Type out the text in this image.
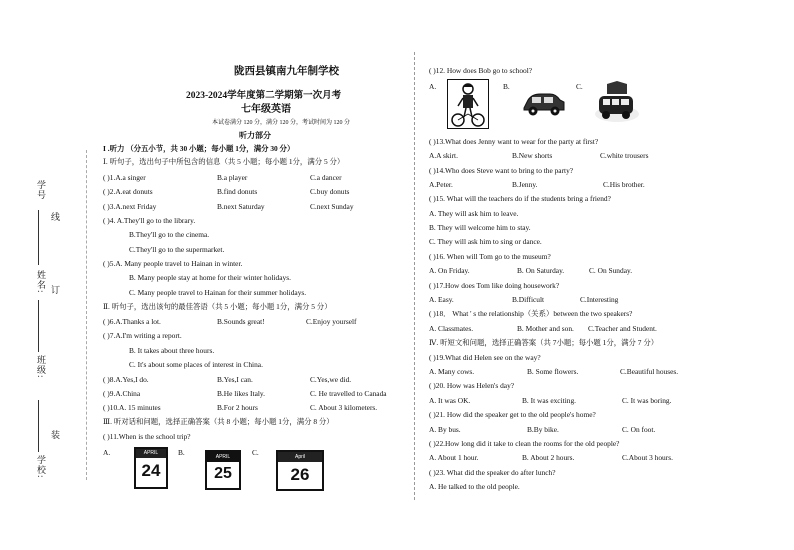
学校:
班级:
姓名:
学号
装
订
线
陇西县镇南九年制学校
2023-2024学年度第二学期第一次月考
七年级英语
本试卷满分 120 分，满分 120 分，考试时间为 120 分
听力部分
I .听力 （分五小节，共 30 小题；每小题 1分，满分 30 分）
Ⅰ. 听句子，选出句子中所包含的信息（共 5 小题；每小题 1分，满分 5 分）
( )1.A.a singer	B.a player	C.a dancer
( )2.A.eat donuts	B.find donuts	C.buy donuts
( )3.A.next Friday	B.next Saturday	C.next Sunday
( )4. A.They'll go to the library.
B.They'll go to the cinema.
C.They'll go to the supermarket.
( )5.A. Many people travel to Hainan in winter.
B. Many people stay at home for their winter holidays.
C. Many people travel to Hainan for their summer holidays.
Ⅱ. 听句子，选出该句的最佳答语（共 5 小题；每小题 1分，满分 5 分）
( )6.A.Thanks a lot.	B.Sounds great!	C.Enjoy yourself
( )7.A.I'm writing a report.
B. It takes about three hours.
C. It's about some places of interest in China.
( )8.A.Yes,I do.	B.Yes,I can.	C.Yes,we did.
( )9.A.China	B.He likes Italy.	C. He travelled to Canada
( )10.A. 15 minutes	B.For 2 hours	C. About 3 kilometers.
Ⅲ. 听对话和问题，选择正确答案（共 8 小题；每小题 1分，满分 8 分）
( )11.When is the school trip?
A.	B.	C.
APRIL
24
APRIL
25
April
26
( )12. How does Bob go to school?
A.	B.	C.
( )13.What does Jenny want to wear for the party at first?
A.A skirt.	B.New shorts	C.white trousers
( )14.Who does Steve want to bring to the party?
A.Peter.	B.Jenny.	C.His brother.
( )15. What will the teachers do if the students bring a friend?
A. They will ask him to leave.
B. They will welcome him to stay.
C. They will ask him to sing or dance.
( )16. When will Tom go to the museum?
A. On Friday.	B. On Saturday.	C. On Sunday.
( )17.How does Tom like doing housework?
A. Easy.	B.Difficult	C.Interesting
( )18． What ' s the relationship（关系）between the two speakers?
A. Classmates.	B. Mother and son. C.Teacher and Student.
Ⅳ. 听短文和问题，选择正确答案（共 7小题；每小题 1分，满分 7 分）
( )19.What did Helen see on the way?
A. Many cows.	B. Some flowers.	C.Beautiful houses.
( )20. How was Helen's day?
A. It was OK.	B. It was exciting.	C. It was boring.
( )21. How did the speaker get to the old people's home?
A. By bus.	B.By bike.	C. On foot.
( )22.How long did it take to clean the rooms for the old people?
A. About 1 hour.	B. About 2 hours.	C.About 3 hours.
( )23. What did the speaker do after lunch?
A. He talked to the old people.
